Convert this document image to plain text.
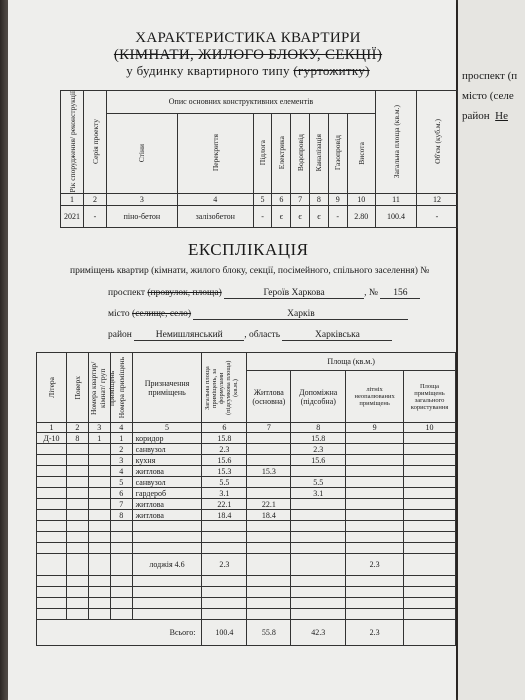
ХАРАКТЕРИСТИКА КВАРТИРИ
(КІМНАТИ, ЖИЛОГО БЛОКУ, СЕКЦІЇ)
у будинку квартирного типу (гуртожитку)
Рік спорудження/ реконструкції	Серія проекту	Опис основних конструктивних елементів								Загальна площа (кв.м.)	Об'єм (куб.м.)

		Стіни	Перекриття	Підлога	Електрика	Водопровід	Каналізація	Газопровід	Висота		

1	2	3	4	5	6	7	8	9	10	11	12
2021	-	піно-бетон	залізобетон	-	є	є	є	-	2.80	100.4	-
ЕКСПЛІКАЦІЯ
приміщень квартир (кімнати, жилого блоку, секції, посімейного, спільного заселення) №
проспект (провулок, площа)	Героїв Харкова	, № 156
місто (селище, село)	Харків
район	Немишлянський , область	Харківська
Літера	Поверх	Номера квартир/ кімнат/ груп приміщень	Номера приміщень	Призначення приміщень	Загальна площа приміщень, за формулами (підсумкова площа) (кв.м.)	Площа (кв.м.)			
						Житлова (основна)	Допоміжна (підсобна)	літніх неопалюваних приміщень	Площа приміщень загального користування
1	2	3	4	5	6	7	8	9	10
Д-10	8	1	1	коридор	15.8		15.8		
			2	санвузол	2.3		2.3		
			3	кухня	15.6		15.6		
			4	житлова	15.3	15.3			
			5	санвузол	5.5		5.5		
			6	гардероб	3.1		3.1		
			7	житлова	22.1	22.1			
			8	житлова	18.4	18.4			

				лоджія 4.6	2.3			2.3	

Всього:					100.4	55.8	42.3	2.3	
проспект (п
місто (селе
район Не
